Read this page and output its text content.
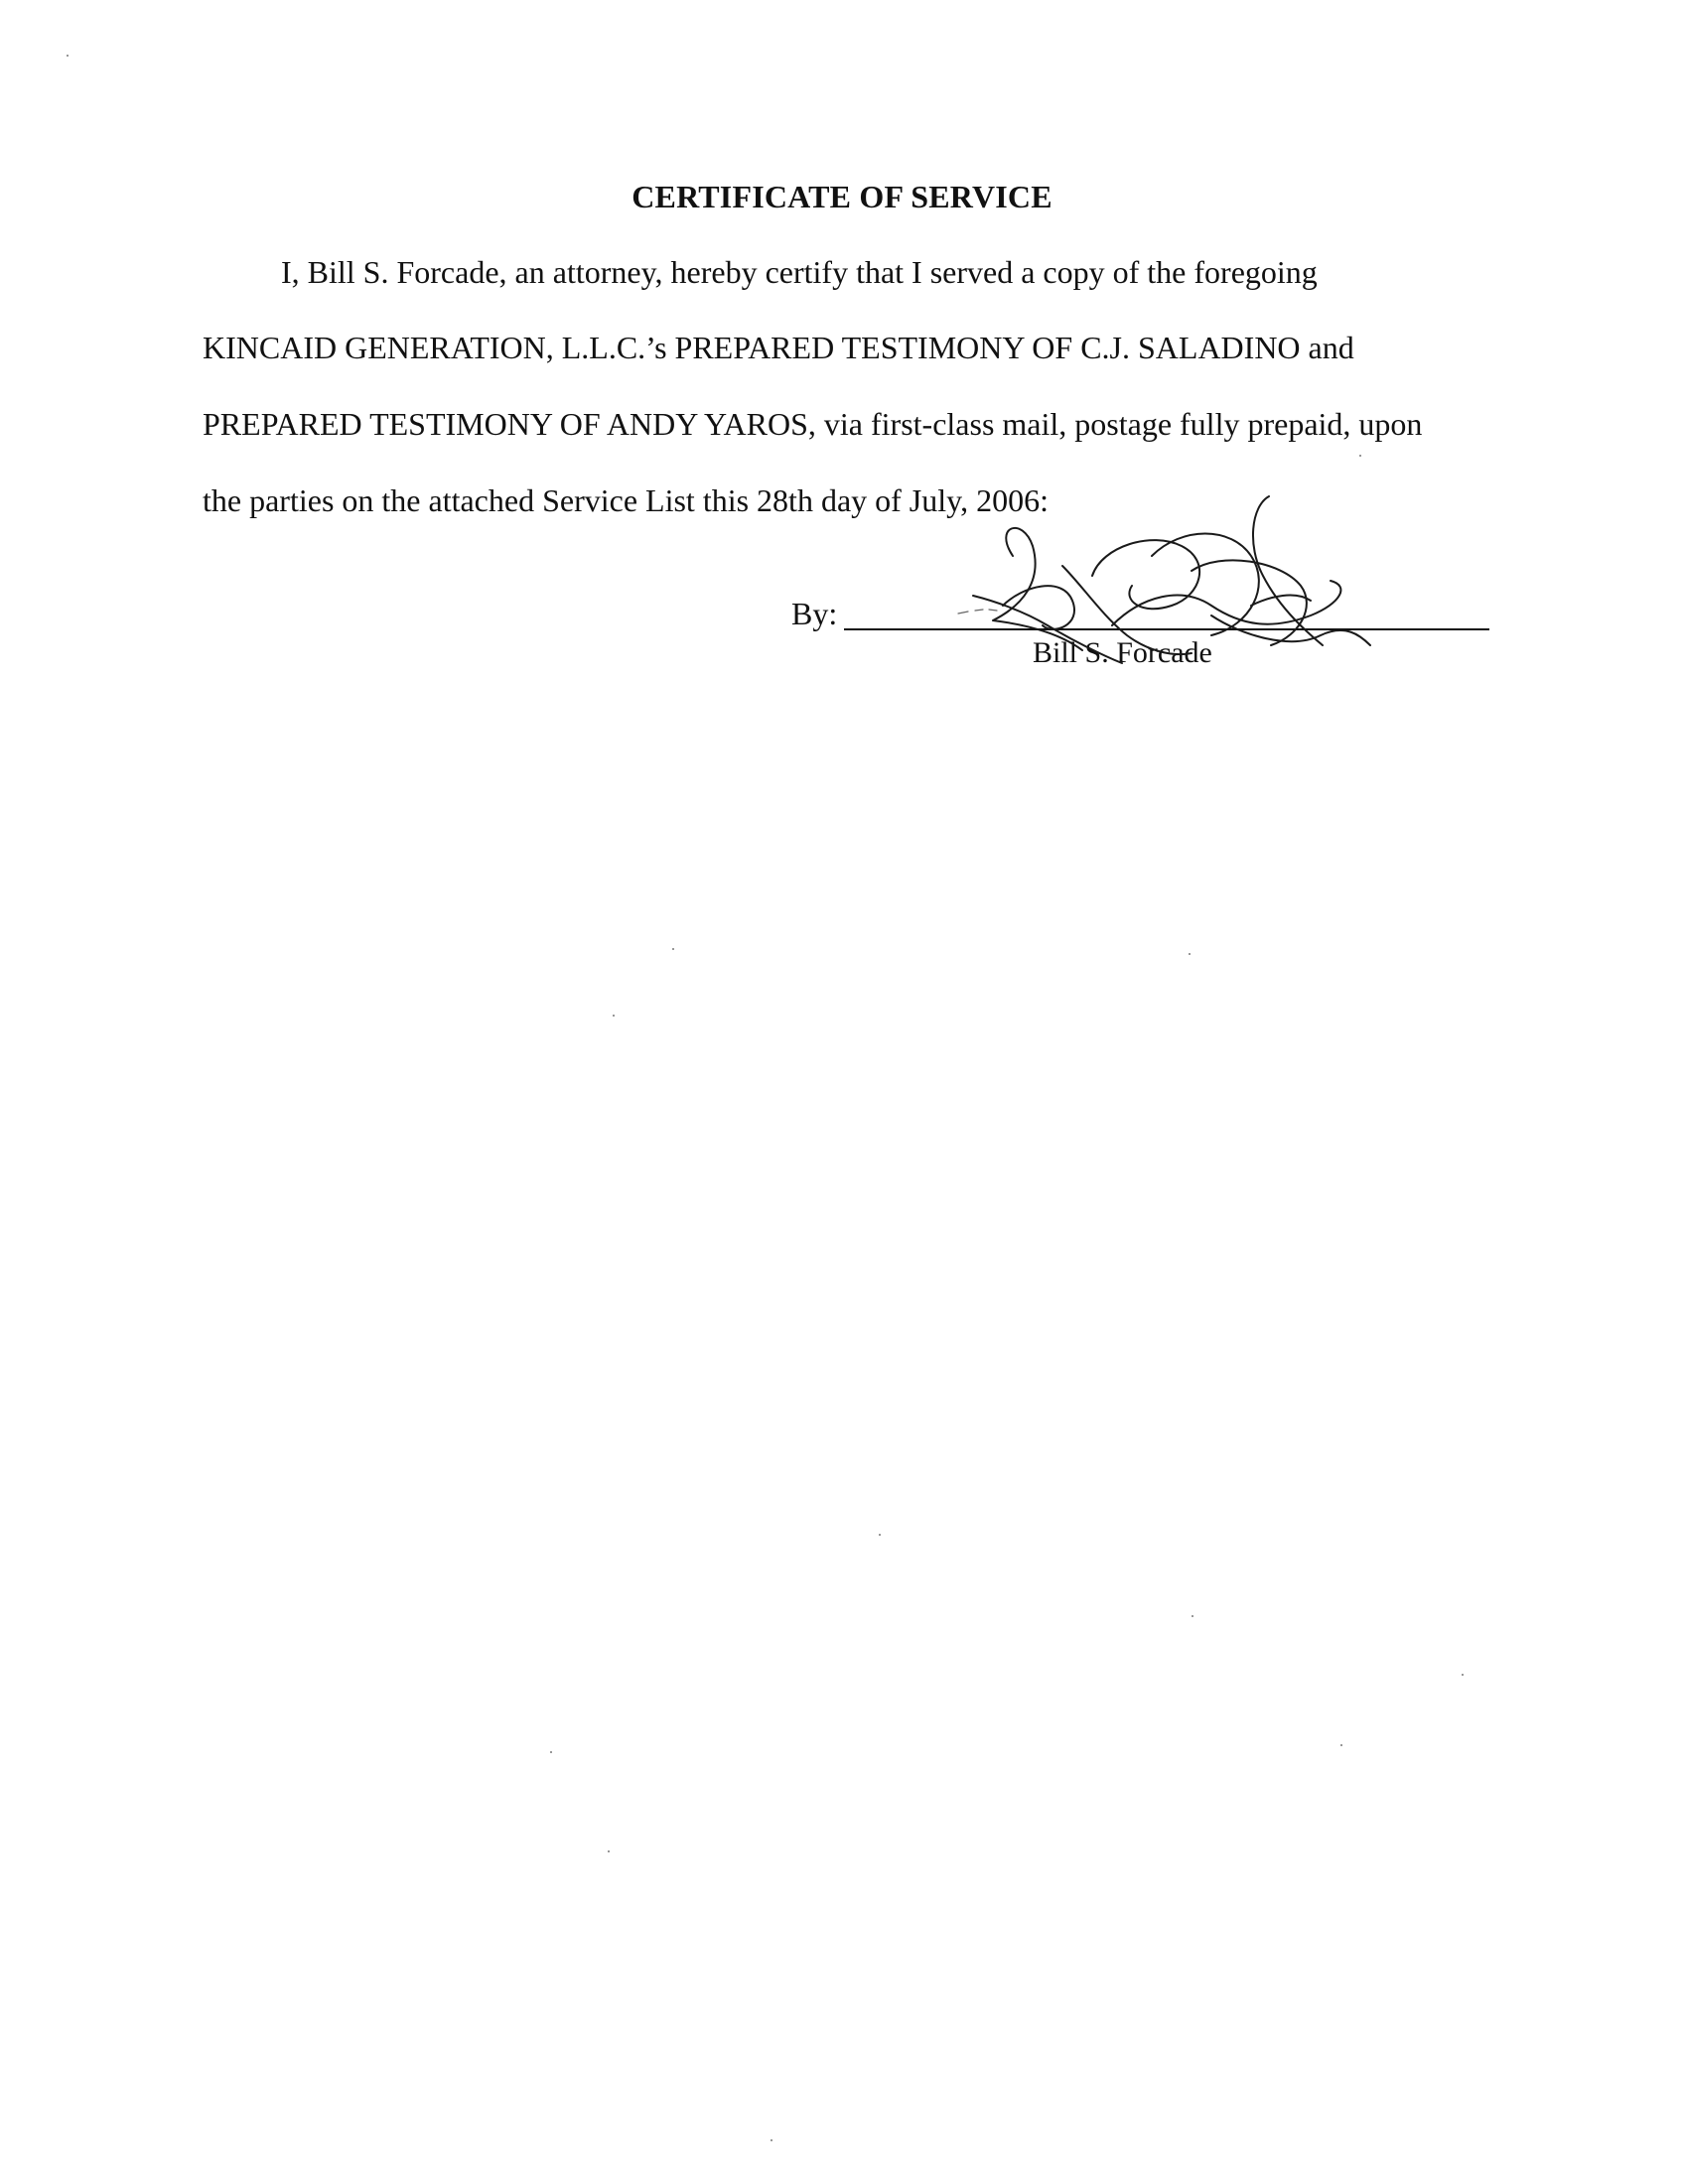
CERTIFICATE OF SERVICE
I, Bill S. Forcade, an attorney, hereby certify that I served a copy of the foregoing
KINCAID GENERATION, L.L.C.’s PREPARED TESTIMONY OF C.J. SALADINO and
PREPARED TESTIMONY OF ANDY YAROS, via first-class mail, postage fully prepaid, upon
the parties on the attached Service List this 28th day of July, 2006:
By:
Bill S. Forcade
